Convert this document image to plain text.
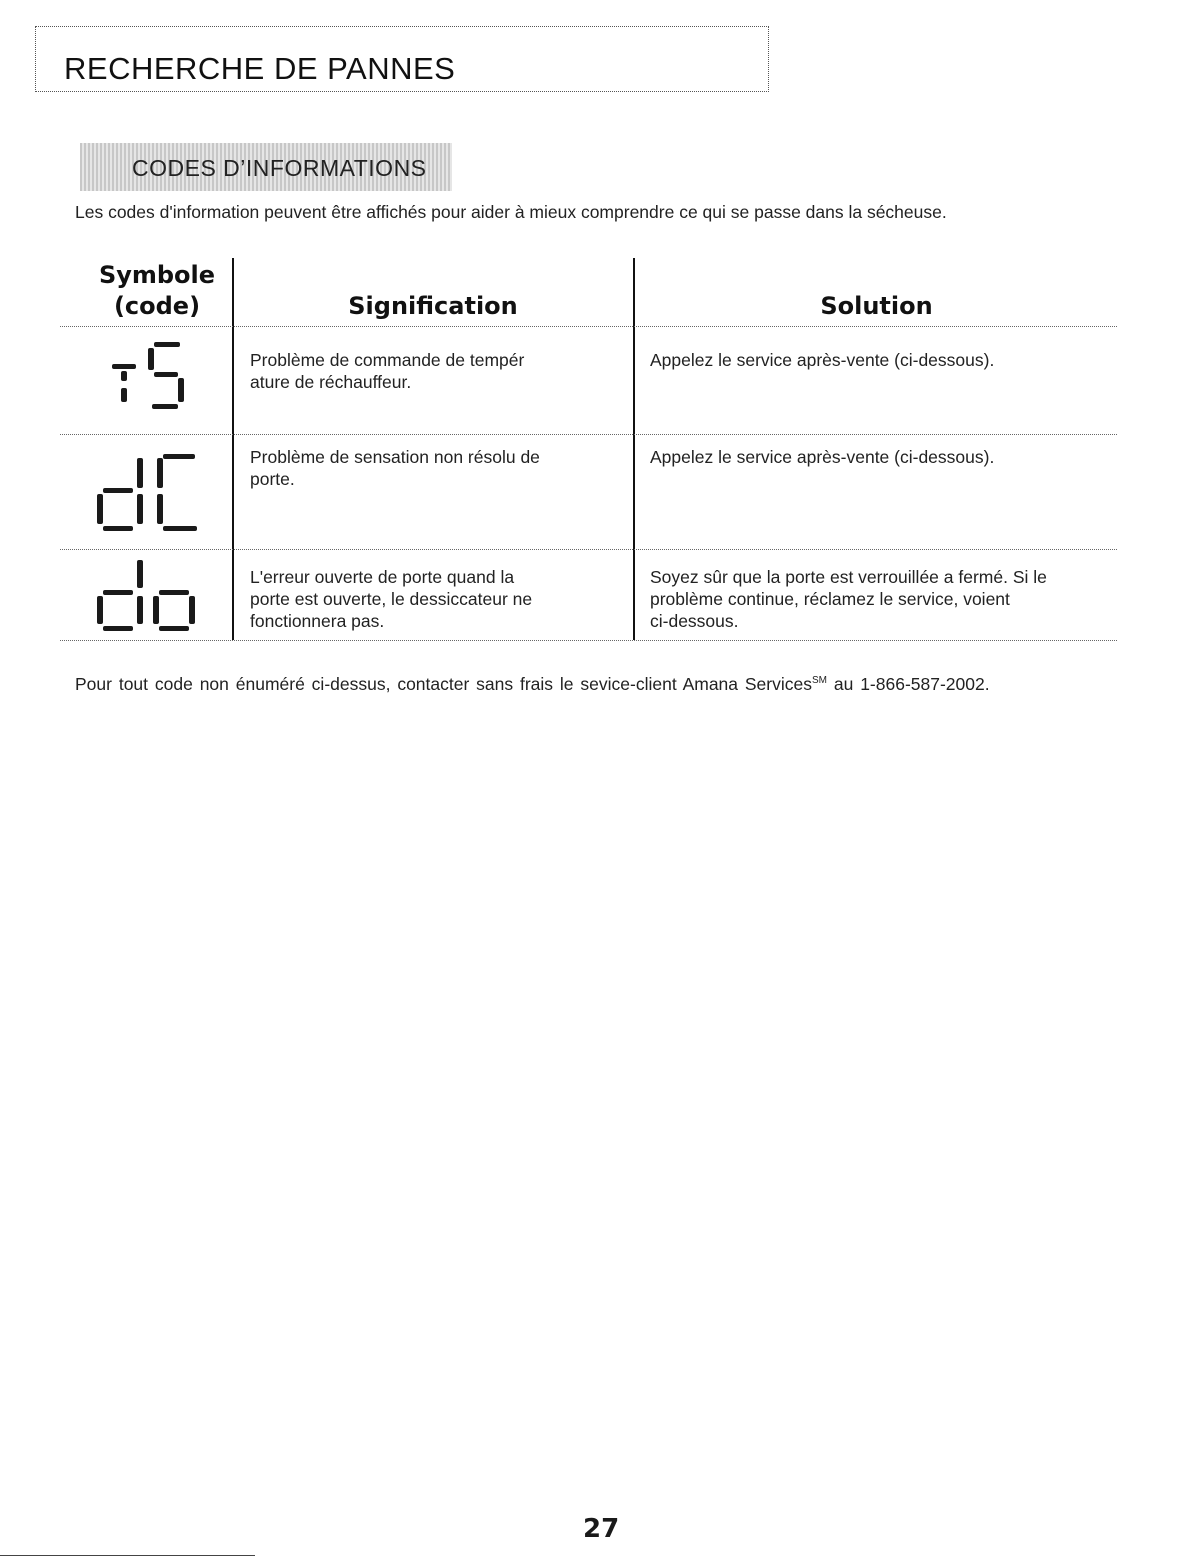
RECHERCHE DE PANNES
CODES D’INFORMATIONS
Les codes d'information peuvent être affichés pour aider à mieux comprendre ce qui se passe dans la sécheuse.
Symbole
(code)	Signification	Solution
Problème de commande de tempér
ature de réchauffeur.
Appelez le service après-vente (ci-dessous).
Problème de sensation non résolu de
porte.
Appelez le service après-vente (ci-dessous).
L'erreur ouverte de porte quand la
porte est ouverte, le dessiccateur ne
fonctionnera pas.
Soyez sûr que la porte est verrouillée a fermé. Si le
problème continue, réclamez le service, voient
ci-dessous.
Pour tout code non énuméré ci-dessus, contacter sans frais le sevice-client Amana Services℠ au 1-866-587-2002.
27
